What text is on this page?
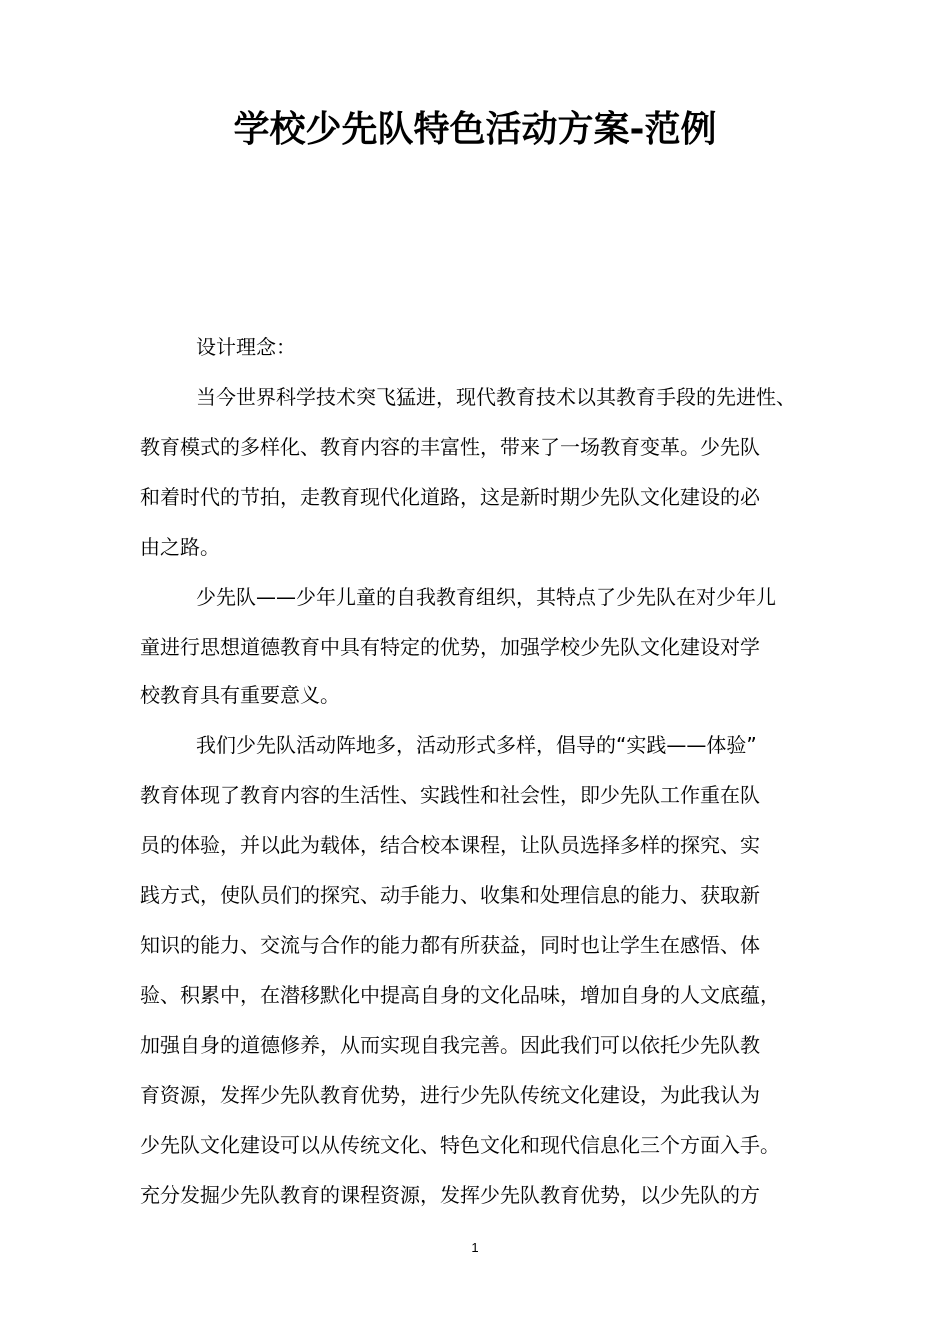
学校少先队特色活动方案-范例

设计理念：

当今世界科学技术突飞猛进，现代教育技术以其教育手段的先进性、

教育模式的多样化、教育内容的丰富性，带来了一场教育变革。少先队

和着时代的节拍，走教育现代化道路，这是新时期少先队文化建设的必

由之路。

少先队——少年儿童的自我教育组织，其特点了少先队在对少年儿

童进行思想道德教育中具有特定的优势，加强学校少先队文化建设对学

校教育具有重要意义。

我们少先队活动阵地多，活动形式多样，倡导的“实践——体验”

教育体现了教育内容的生活性、实践性和社会性，即少先队工作重在队

员的体验，并以此为载体，结合校本课程，让队员选择多样的探究、实

践方式，使队员们的探究、动手能力、收集和处理信息的能力、获取新

知识的能力、交流与合作的能力都有所获益，同时也让学生在感悟、体

验、积累中，在潜移默化中提高自身的文化品味，增加自身的人文底蕴，

加强自身的道德修养，从而实现自我完善。因此我们可以依托少先队教

育资源，发挥少先队教育优势，进行少先队传统文化建设，为此我认为

少先队文化建设可以从传统文化、特色文化和现代信息化三个方面入手。

充分发掘少先队教育的课程资源，发挥少先队教育优势，以少先队的方

1
